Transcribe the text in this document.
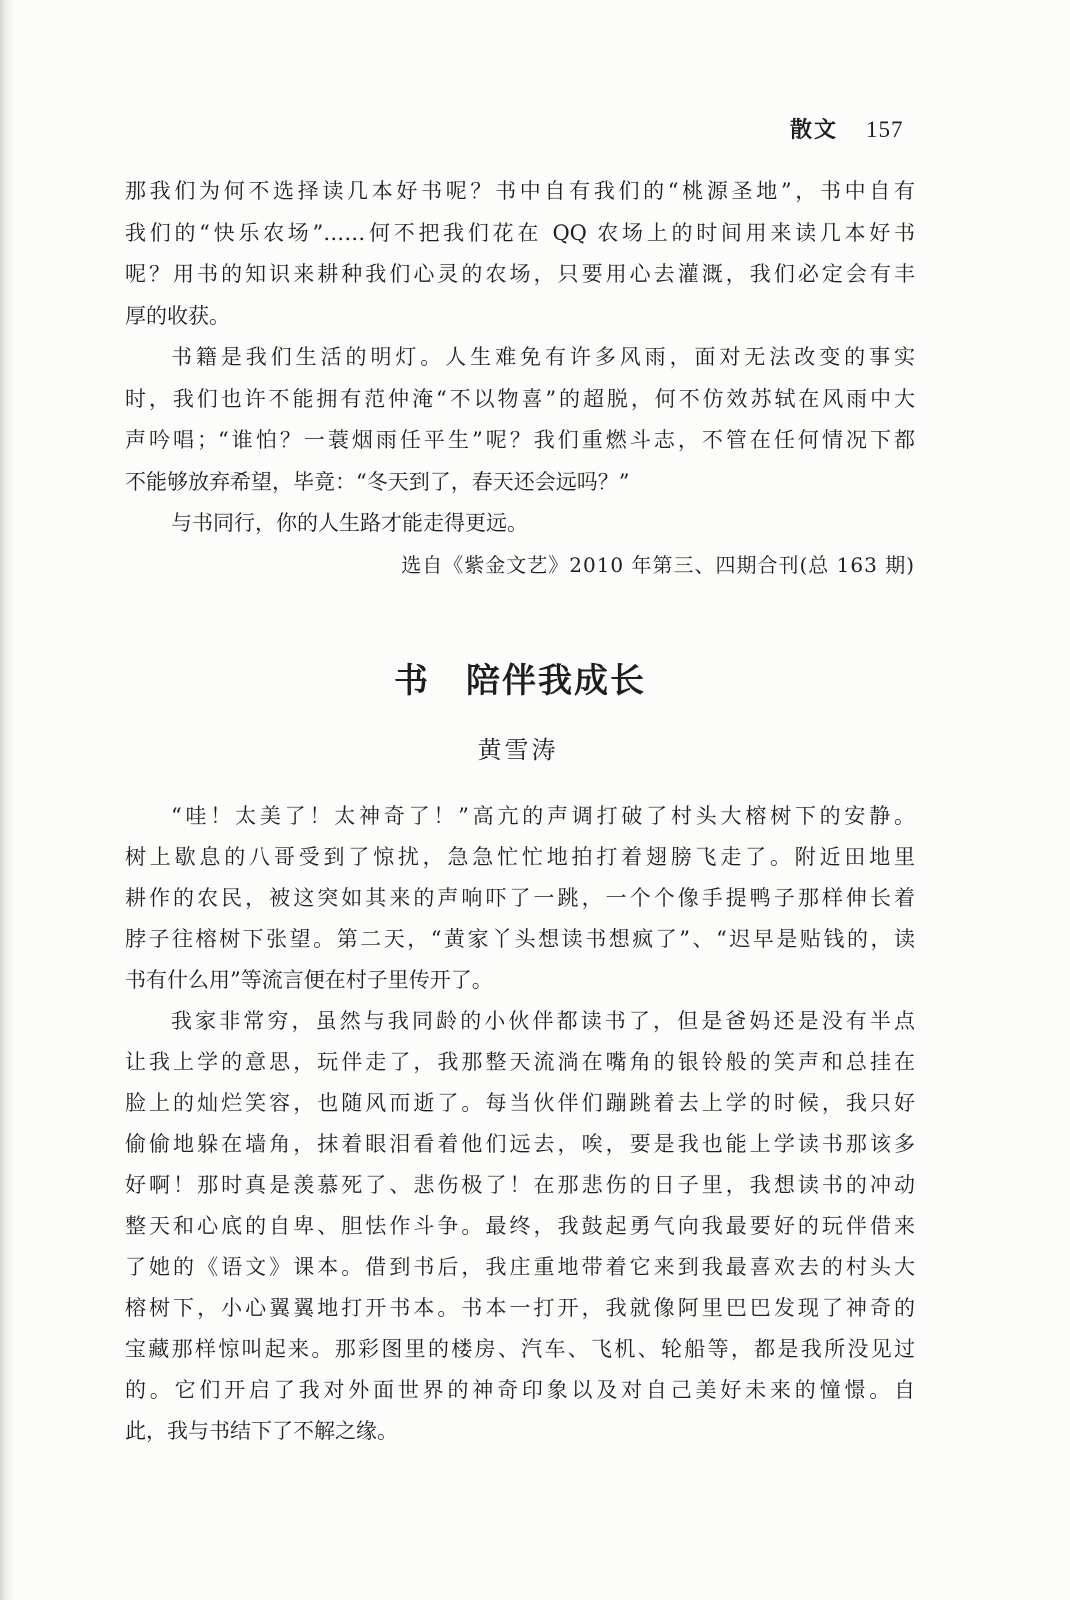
散文 157
那我们为何不选择读几本好书呢？书中自有我们的“桃源圣地”，书中自有
我们的“快乐农场”……何不把我们花在 QQ 农场上的时间用来读几本好书
呢？用书的知识来耕种我们心灵的农场，只要用心去灌溉，我们必定会有丰
厚的收获。
书籍是我们生活的明灯。人生难免有许多风雨，面对无法改变的事实
时，我们也许不能拥有范仲淹“不以物喜”的超脱，何不仿效苏轼在风雨中大
声吟唱；“谁怕？一蓑烟雨任平生”呢？我们重燃斗志，不管在任何情况下都
不能够放弃希望，毕竟：“冬天到了，春天还会远吗？”
与书同行，你的人生路才能走得更远。
选自《紫金文艺》2010 年第三、四期合刊(总 163 期)
书　陪伴我成长
黄雪涛
“哇！太美了！太神奇了！”高亢的声调打破了村头大榕树下的安静。
树上歇息的八哥受到了惊扰，急急忙忙地拍打着翅膀飞走了。附近田地里
耕作的农民，被这突如其来的声响吓了一跳，一个个像手提鸭子那样伸长着
脖子往榕树下张望。第二天，“黄家丫头想读书想疯了”、“迟早是贴钱的，读
书有什么用”等流言便在村子里传开了。
我家非常穷，虽然与我同龄的小伙伴都读书了，但是爸妈还是没有半点
让我上学的意思，玩伴走了，我那整天流淌在嘴角的银铃般的笑声和总挂在
脸上的灿烂笑容，也随风而逝了。每当伙伴们蹦跳着去上学的时候，我只好
偷偷地躲在墙角，抹着眼泪看着他们远去，唉，要是我也能上学读书那该多
好啊！那时真是羡慕死了、悲伤极了！在那悲伤的日子里，我想读书的冲动
整天和心底的自卑、胆怯作斗争。最终，我鼓起勇气向我最要好的玩伴借来
了她的《语文》课本。借到书后，我庄重地带着它来到我最喜欢去的村头大
榕树下，小心翼翼地打开书本。书本一打开，我就像阿里巴巴发现了神奇的
宝藏那样惊叫起来。那彩图里的楼房、汽车、飞机、轮船等，都是我所没见过
的。它们开启了我对外面世界的神奇印象以及对自己美好未来的憧憬。自
此，我与书结下了不解之缘。
